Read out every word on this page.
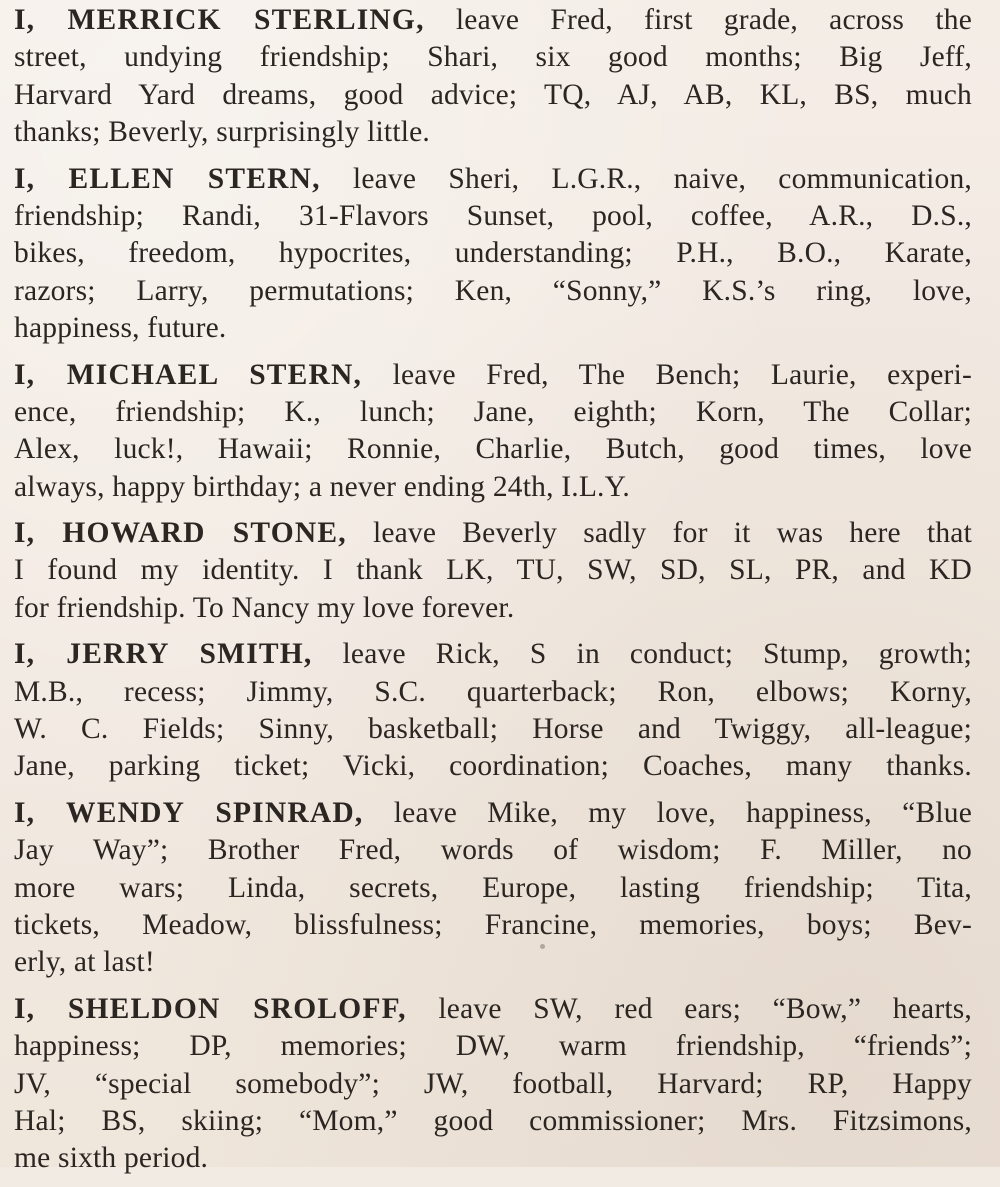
I, MERRICK STERLING, leave Fred, first grade, across the
street, undying friendship; Shari, six good months; Big Jeff,
Harvard Yard dreams, good advice; TQ, AJ, AB, KL, BS, much
thanks; Beverly, surprisingly little.
I, ELLEN STERN, leave Sheri, L.G.R., naive, communication,
friendship; Randi, 31-Flavors Sunset, pool, coffee, A.R., D.S.,
bikes, freedom, hypocrites, understanding; P.H., B.O., Karate,
razors; Larry, permutations; Ken, “Sonny,” K.S.’s ring, love,
happiness, future.
I, MICHAEL STERN, leave Fred, The Bench; Laurie, experi-
ence, friendship; K., lunch; Jane, eighth; Korn, The Collar;
Alex, luck!, Hawaii; Ronnie, Charlie, Butch, good times, love
always, happy birthday; a never ending 24th, I.L.Y.
I, HOWARD STONE, leave Beverly sadly for it was here that
I found my identity. I thank LK, TU, SW, SD, SL, PR, and KD
for friendship. To Nancy my love forever.
I, JERRY SMITH, leave Rick, S in conduct; Stump, growth;
M.B., recess; Jimmy, S.C. quarterback; Ron, elbows; Korny,
W. C. Fields; Sinny, basketball; Horse and Twiggy, all-league;
Jane, parking ticket; Vicki, coordination; Coaches, many thanks.
I, WENDY SPINRAD, leave Mike, my love, happiness, “Blue
Jay Way”; Brother Fred, words of wisdom; F. Miller, no
more wars; Linda, secrets, Europe, lasting friendship; Tita,
tickets, Meadow, blissfulness; Francine, memories, boys; Bev-
erly, at last!
I, SHELDON SROLOFF, leave SW, red ears; “Bow,” hearts,
happiness; DP, memories; DW, warm friendship, “friends”;
JV, “special somebody”; JW, football, Harvard; RP, Happy
Hal; BS, skiing; “Mom,” good commissioner; Mrs. Fitzsimons,
me sixth period.
